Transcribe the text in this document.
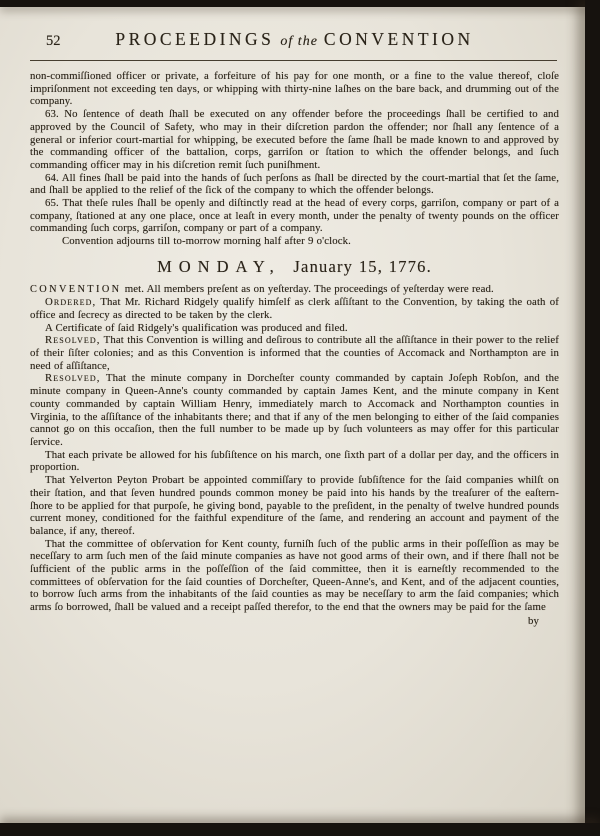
52	PROCEEDINGS of the CONVENTION

non-commiſſioned officer or private, a forfeiture of his pay for one month, or a fine to the value thereof, cloſe impriſonment not exceeding ten days, or whipping with thirty-nine laſhes on the bare back, and drumming out of the company.

63. No ſentence of death ſhall be executed on any offender before the proceedings ſhall be certified to and approved by the Council of Safety, who may in their diſcretion pardon the offender; nor ſhall any ſentence of a general or inferior court-martial for whipping, be executed before the ſame ſhall be made known to and approved by the commanding officer of the battalion, corps, garriſon or ſtation to which the offender belongs, and ſuch commanding officer may in his diſcretion remit ſuch puniſhment.

64. All fines ſhall be paid into the hands of ſuch perſons as ſhall be directed by the court-martial that ſet the ſame, and ſhall be applied to the relief of the ſick of the company to which the offender belongs.

65. That theſe rules ſhall be openly and diſtinctly read at the head of every corps, garriſon, company or part of a company, ſtationed at any one place, once at leaſt in every month, under the penalty of twenty pounds on the officer commanding ſuch corps, garriſon, company or part of a company.

Convention adjourns till to-morrow morning half after 9 o'clock.

MONDAY, January 15, 1776.

CONVENTION met. All members preſent as on yeſterday. The proceedings of yeſterday were read.

Ordered, That Mr. Richard Ridgely qualify himſelf as clerk aſſiſtant to the Convention, by taking the oath of office and ſecrecy as directed to be taken by the clerk.

A Certificate of ſaid Ridgely's qualification was produced and filed.

Resolved, That this Convention is willing and deſirous to contribute all the aſſiſtance in their power to the relief of their ſiſter colonies; and as this Convention is informed that the counties of Accomack and Northampton are in need of aſſiſtance,

Resolved, That the minute company in Dorcheſter county commanded by captain Joſeph Robſon, and the minute company in Queen-Anne's county commanded by captain James Kent, and the minute company in Kent county commanded by captain William Henry, immediately march to Accomack and Northampton counties in Virginia, to the aſſiſtance of the inhabitants there; and that if any of the men belonging to either of the ſaid companies cannot go on this occaſion, then the full number to be made up by ſuch volunteers as may offer for this particular ſervice.

That each private be allowed for his ſubſiſtence on his march, one ſixth part of a dollar per day, and the officers in proportion.

That Yelverton Peyton Probart be appointed commiſſary to provide ſubſiſtence for the ſaid companies whilſt on their ſtation, and that ſeven hundred pounds common money be paid into his hands by the treaſurer of the eaſtern-ſhore to be applied for that purpoſe, he giving bond, payable to the preſident, in the penalty of twelve hundred pounds current money, conditioned for the faithful expenditure of the ſame, and rendering an account and payment of the balance, if any, thereof.

That the committee of obſervation for Kent county, furniſh ſuch of the public arms in their poſſeſſion as may be neceſſary to arm ſuch men of the ſaid minute companies as have not good arms of their own, and if there ſhall not be ſufficient of the public arms in the poſſeſſion of the ſaid committee, then it is earneſtly recommended to the committees of obſervation for the ſaid counties of Dorcheſter, Queen-Anne's, and Kent, and of the adjacent counties, to borrow ſuch arms from the inhabitants of the ſaid counties as may be neceſſary to arm the ſaid companies; which arms ſo borrowed, ſhall be valued and a receipt paſſed therefor, to the end that the owners may be paid for the ſame

by
